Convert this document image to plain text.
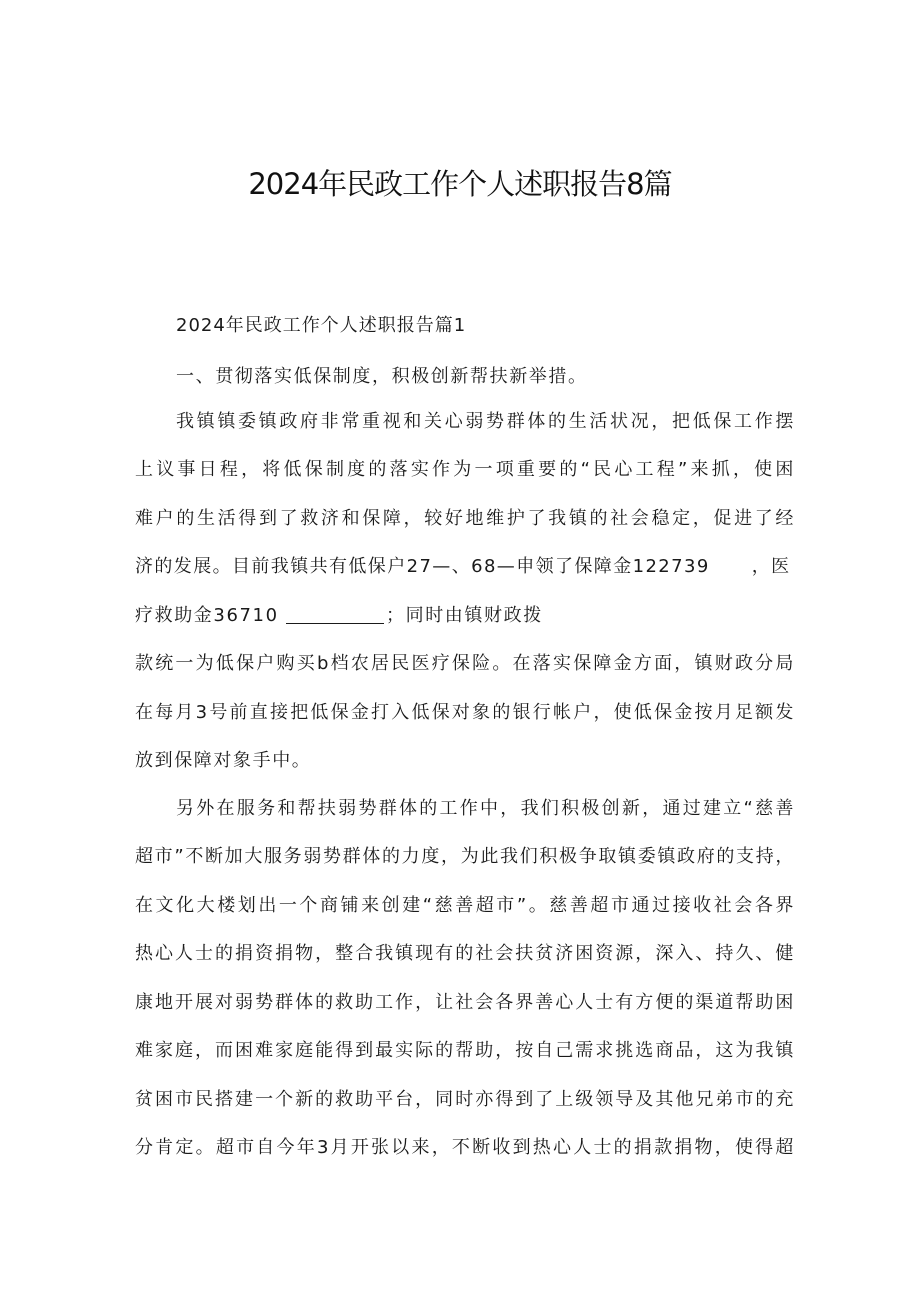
2024年民政工作个人述职报告8篇
2024年民政工作个人述职报告篇1
一、贯彻落实低保制度，积极创新帮扶新举措。
我镇镇委镇政府非常重视和关心弱势群体的生活状况，把低保工作摆
上议事日程，将低保制度的落实作为一项重要的“民心工程”来抓，使困
难户的生活得到了救济和保障，较好地维护了我镇的社会稳定，促进了经
济的发展。目前我镇共有低保户27—、68—申领了保障金122739 ，医
疗救助金36710	；同时由镇财政拨
款统一为低保户购买b档农居民医疗保险。在落实保障金方面，镇财政分局
在每月3号前直接把低保金打入低保对象的银行帐户，使低保金按月足额发
放到保障对象手中。
另外在服务和帮扶弱势群体的工作中，我们积极创新，通过建立“慈善
超市”不断加大服务弱势群体的力度，为此我们积极争取镇委镇政府的支持，
在文化大楼划出一个商铺来创建“慈善超市”。慈善超市通过接收社会各界
热心人士的捐资捐物，整合我镇现有的社会扶贫济困资源，深入、持久、健
康地开展对弱势群体的救助工作，让社会各界善心人士有方便的渠道帮助困
难家庭，而困难家庭能得到最实际的帮助，按自己需求挑选商品，这为我镇
贫困市民搭建一个新的救助平台，同时亦得到了上级领导及其他兄弟市的充
分肯定。超市自今年3月开张以来，不断收到热心人士的捐款捐物，使得超
